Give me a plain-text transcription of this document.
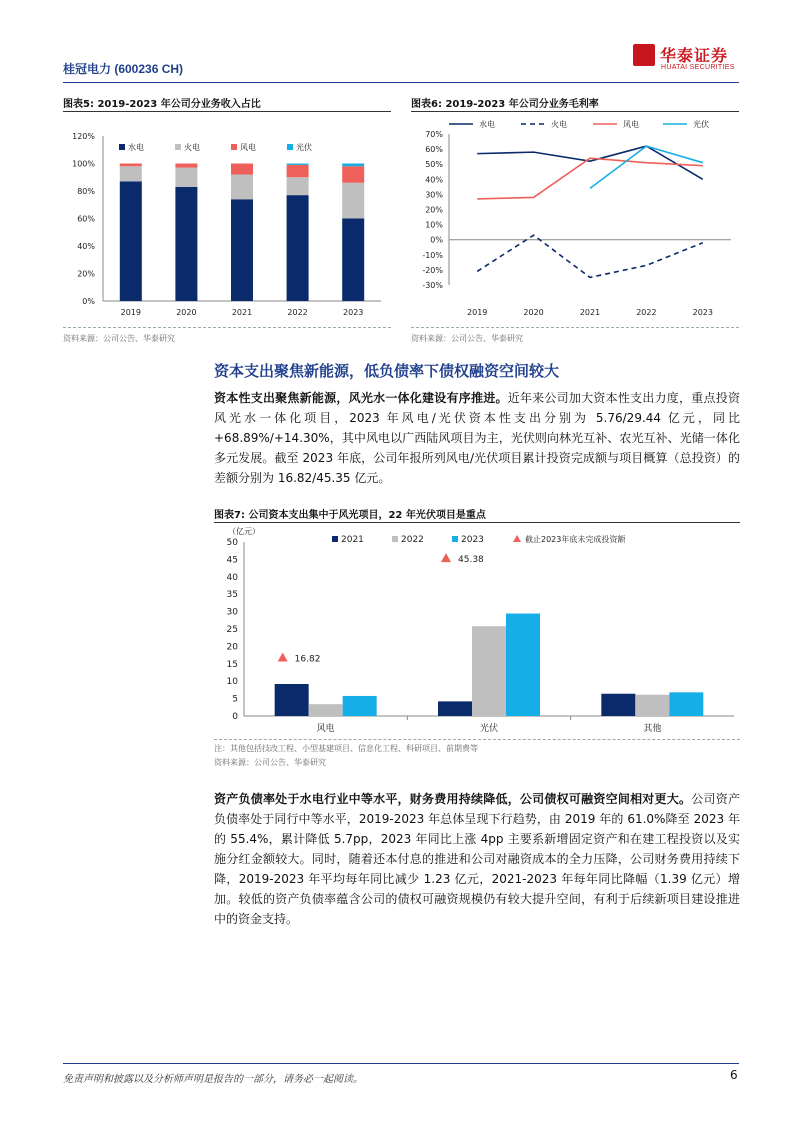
桂冠电力 (600236 CH)
华泰证券
HUATAI SECURITIES
图表5: 2019-2023 年公司分业务收入占比
0%
20%
40%
60%
80%
100%
120%
2019	2020	2021	2022	2023
水电	火电	风电	光伏
资料来源：公司公告、华泰研究
图表6: 2019-2023 年公司分业务毛利率
-30%
-20%
-10%
0%
10%
20%
30%
40%
50%
60%
70%
2019	2020	2021	2022	2023
水电	火电	风电	光伏
资料来源：公司公告、华泰研究
资本支出聚焦新能源，低负债率下债权融资空间较大
资本性支出聚焦新能源，风光水一体化建设有序推进。近年来公司加大资本性支出力度，重点投资风光水一体化项目，2023 年风电/光伏资本性支出分别为 5.76/29.44 亿元，同比+68.89%/+14.30%，其中风电以广西陆风项目为主，光伏则向林光互补、农光互补、光储一体化多元发展。截至 2023 年底，公司年报所列风电/光伏项目累计投资完成额与项目概算（总投资）的差额分别为 16.82/45.35 亿元。
图表7: 公司资本支出集中于风光项目，22 年光伏项目是重点
（亿元）
0
5
10
15
20
25
30
35
40
45
50
16.82
风电
45.38
光伏	其他
2021	2022	2023	截止2023年底未完成投资额
注：其他包括技改工程、小型基建项目、信息化工程、科研项目、前期费等
资料来源：公司公告、华泰研究
资产负债率处于水电行业中等水平，财务费用持续降低，公司债权可融资空间相对更大。公司资产负债率处于同行中等水平，2019-2023 年总体呈现下行趋势，由 2019 年的 61.0%降至 2023 年的 55.4%，累计降低 5.7pp，2023 年同比上涨 4pp 主要系新增固定资产和在建工程投资以及实施分红金额较大。同时，随着还本付息的推进和公司对融资成本的全力压降，公司财务费用持续下降，2019-2023 年平均每年同比减少 1.23 亿元，2021-2023 年每年同比降幅（1.39 亿元）增加。较低的资产负债率蕴含公司的债权可融资规模仍有较大提升空间，有利于后续新项目建设推进中的资金支持。
免责声明和披露以及分析师声明是报告的一部分，请务必一起阅读。	6
